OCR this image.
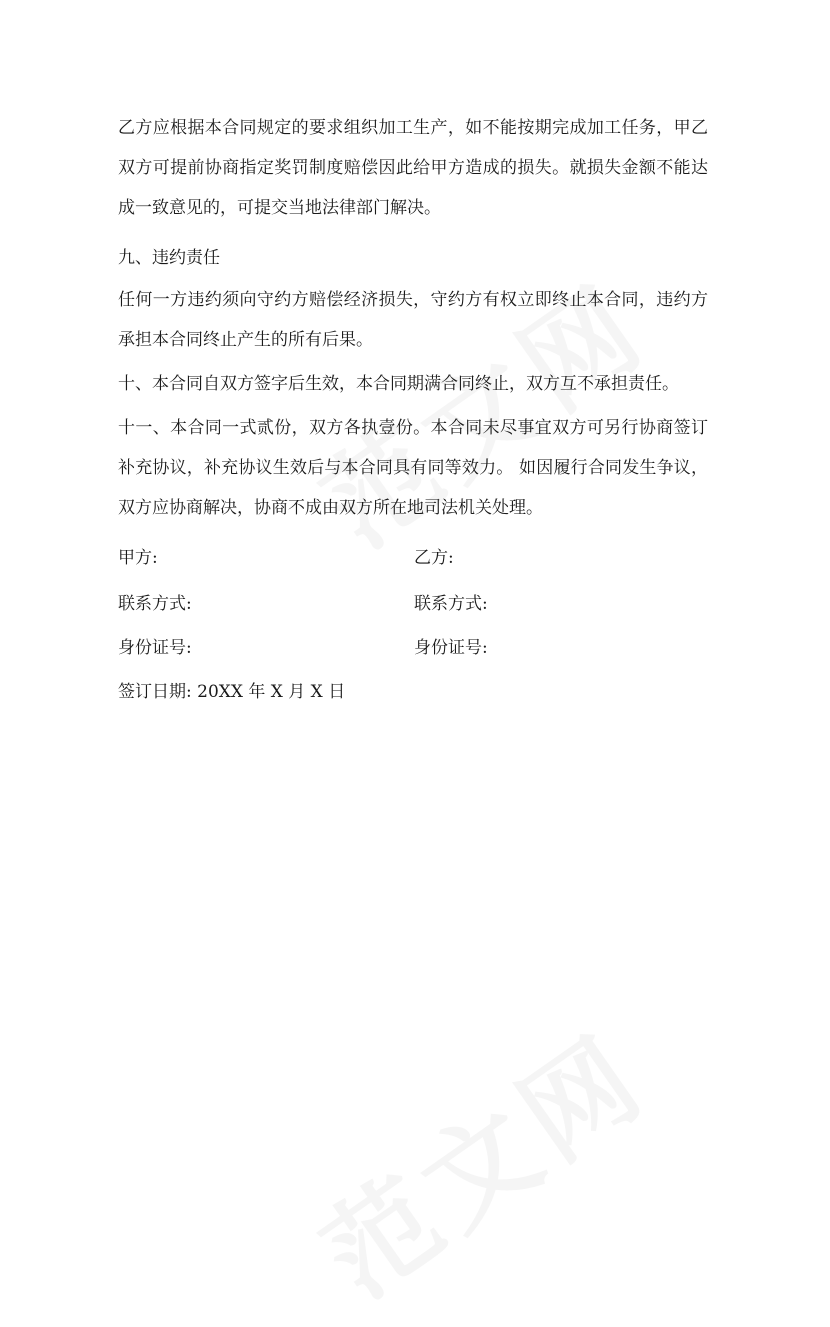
乙方应根据本合同规定的要求组织加工生产，如不能按期完成加工任务，甲乙双方可提前协商指定奖罚制度赔偿因此给甲方造成的损失。就损失金额不能达成一致意见的，可提交当地法律部门解决。

九、违约责任

任何一方违约须向守约方赔偿经济损失，守约方有权立即终止本合同，违约方承担本合同终止产生的所有后果。

十、本合同自双方签字后生效，本合同期满合同终止，双方互不承担责任。

十一、本合同一式贰份，双方各执壹份。本合同未尽事宜双方可另行协商签订补充协议，补充协议生效后与本合同具有同等效力。 如因履行合同发生争议，双方应协商解决，协商不成由双方所在地司法机关处理。

甲方:	乙方:
联系方式:	联系方式:
身份证号:	身份证号:
签订日期: 20XX 年 X 月 X 日
